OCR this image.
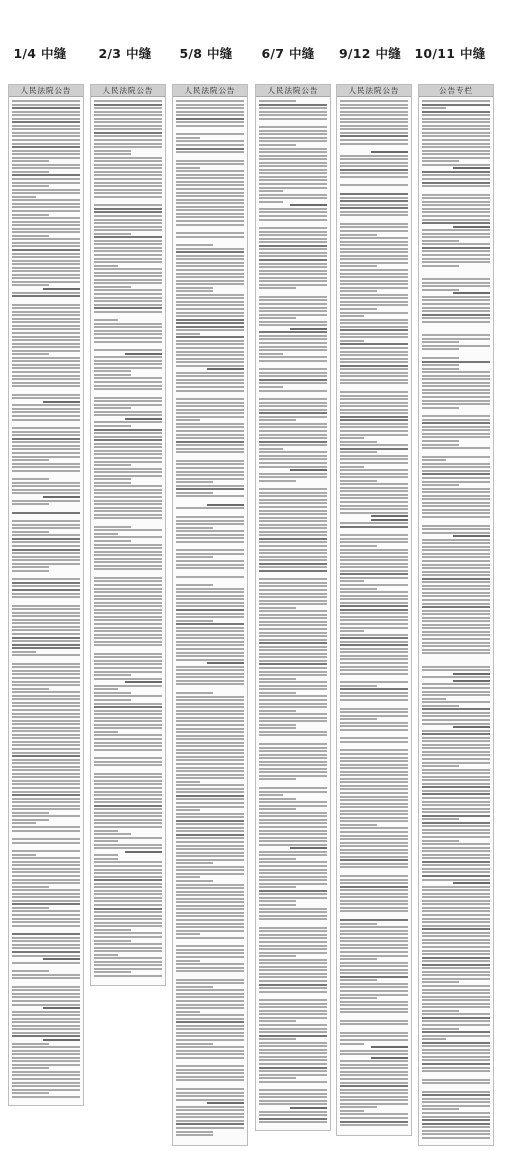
1/4 中缝	2/3 中缝	5/8 中缝	6/7 中缝	9/12 中缝	10/11 中缝
人民法院公告	人民法院公告	人民法院公告	人民法院公告	人民法院公告	公告专栏
